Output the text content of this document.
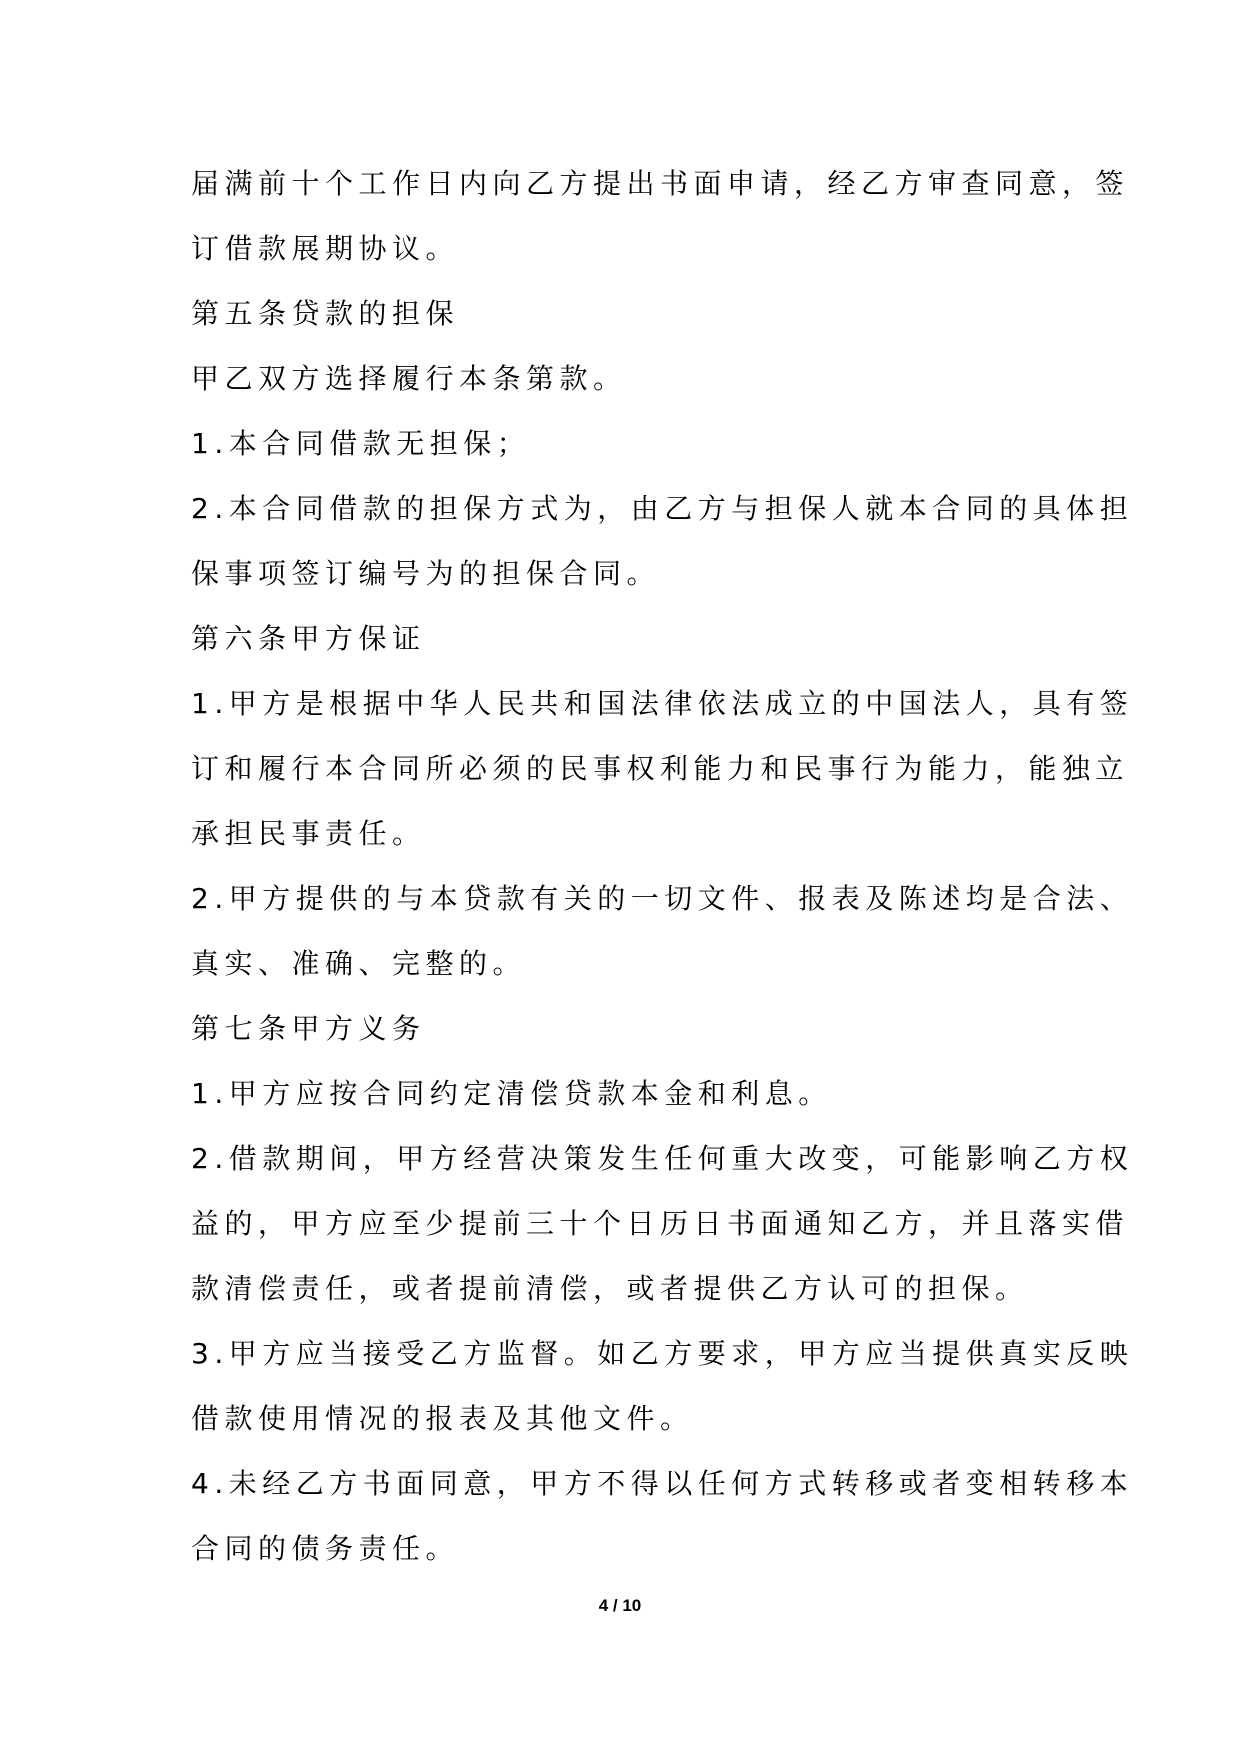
届满前十个工作日内向乙方提出书面申请，经乙方审查同意，签

订借款展期协议。

第五条贷款的担保

甲乙双方选择履行本条第款。

1.本合同借款无担保；

2.本合同借款的担保方式为，由乙方与担保人就本合同的具体担

保事项签订编号为的担保合同。

第六条甲方保证

1.甲方是根据中华人民共和国法律依法成立的中国法人，具有签

订和履行本合同所必须的民事权利能力和民事行为能力，能独立

承担民事责任。

2.甲方提供的与本贷款有关的一切文件、报表及陈述均是合法、

真实、准确、完整的。

第七条甲方义务

1.甲方应按合同约定清偿贷款本金和利息。

2.借款期间，甲方经营决策发生任何重大改变，可能影响乙方权

益的，甲方应至少提前三十个日历日书面通知乙方，并且落实借

款清偿责任，或者提前清偿，或者提供乙方认可的担保。

3.甲方应当接受乙方监督。如乙方要求，甲方应当提供真实反映

借款使用情况的报表及其他文件。

4.未经乙方书面同意，甲方不得以任何方式转移或者变相转移本

合同的债务责任。

4 / 10
